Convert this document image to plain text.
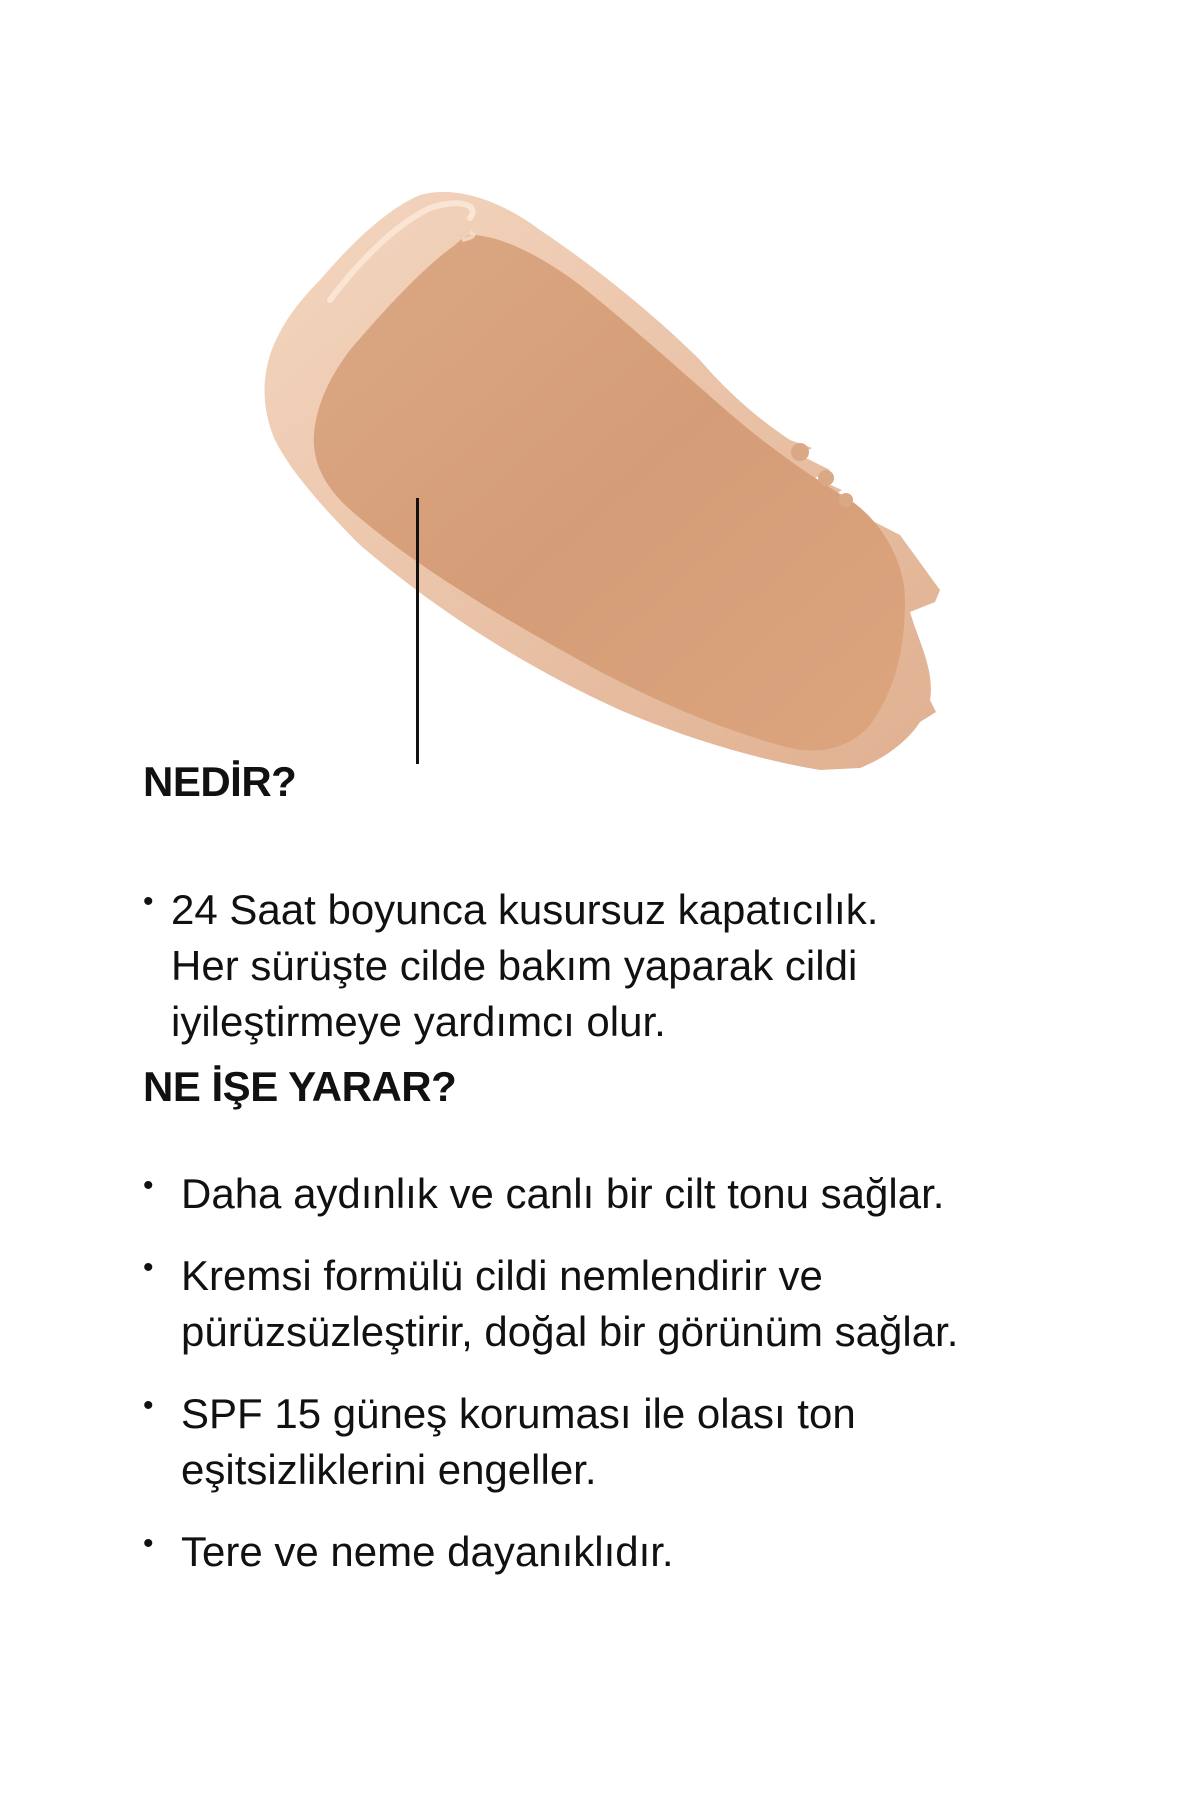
NEDİR?
• 24 Saat boyunca kusursuz kapatıcılık.
Her sürüşte cilde bakım yaparak cildi
iyileştirmeye yardımcı olur.
NE İŞE YARAR?
• Daha aydınlık ve canlı bir cilt tonu sağlar.
• Kremsi formülü cildi nemlendirir ve
pürüzsüzleştirir, doğal bir görünüm sağlar.
• SPF 15 güneş koruması ile olası ton
eşitsizliklerini engeller.
• Tere ve neme dayanıklıdır.
